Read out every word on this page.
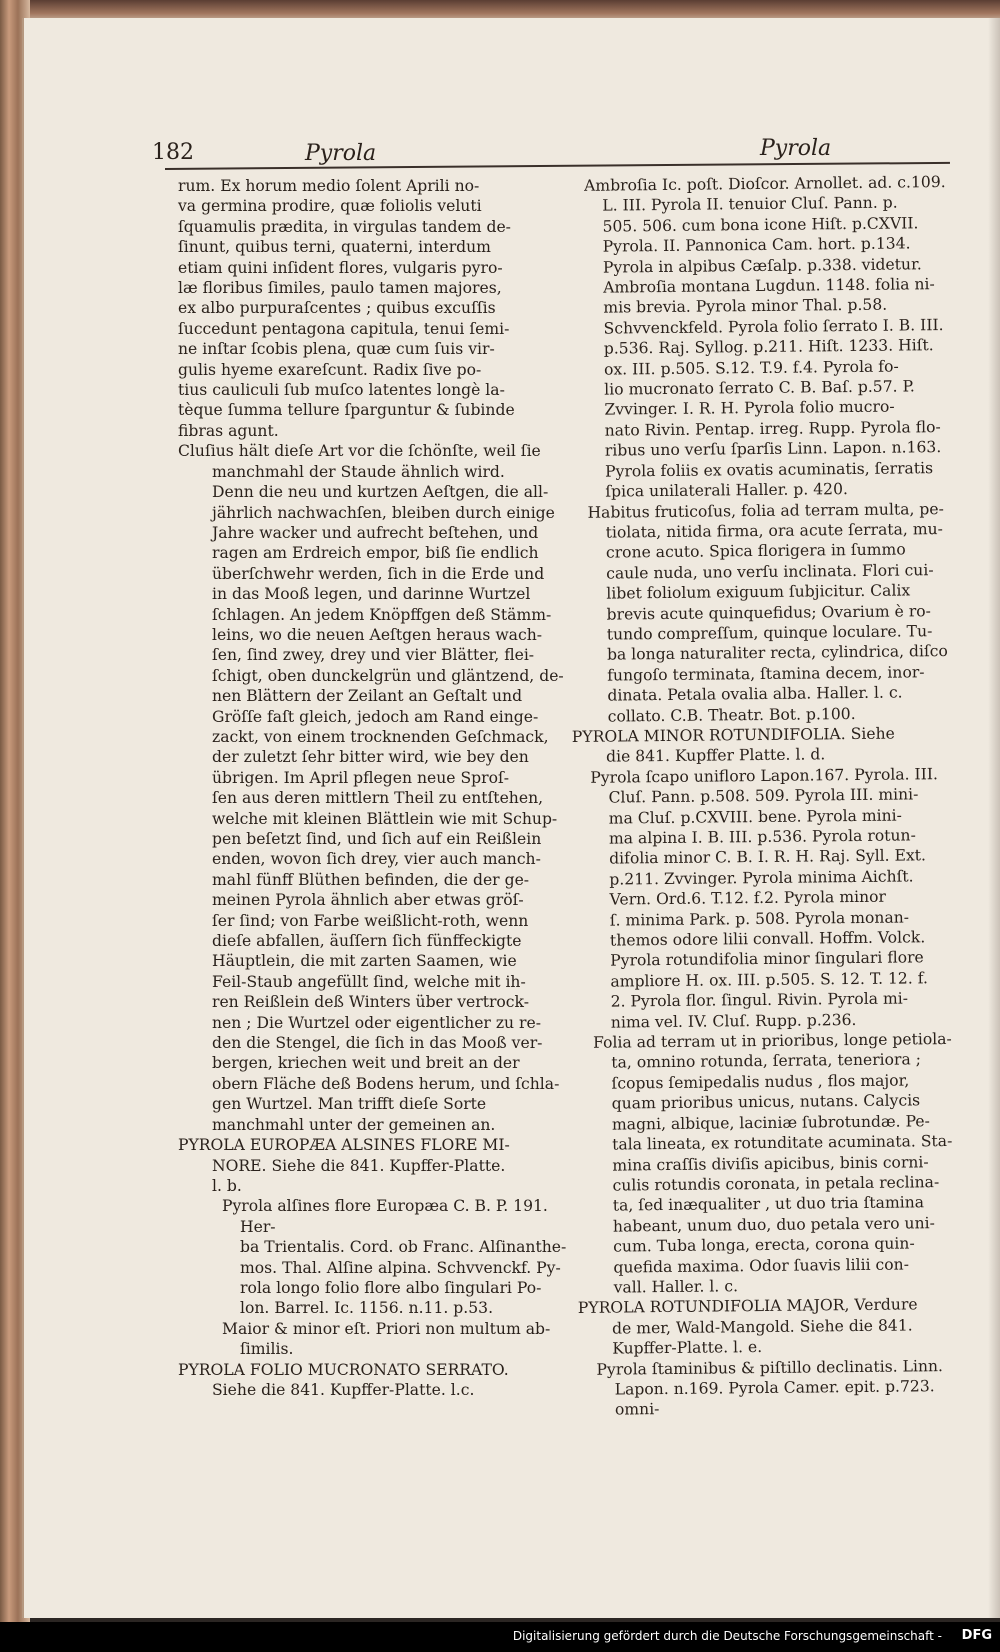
182	Pyrola	Pyrola
rum. Ex horum medio ſolent Aprili no-
va germina prodire, quæ foliolis veluti
ſquamulis prædita, in virgulas tandem de-
ſinunt, quibus terni, quaterni, interdum
etiam quini inſident flores, vulgaris pyro-
læ floribus ſimiles, paulo tamen majores,
ex albo purpuraſcentes ; quibus excuſſis
ſuccedunt pentagona capitula, tenui ſemi-
ne inſtar ſcobis plena, quæ cum ſuis vir-
gulis hyeme exareſcunt. Radix ſive po-
tius cauliculi ſub muſco latentes longè la-
tèque ſumma tellure ſparguntur & ſubinde
fibras agunt.
Cluſius hält dieſe Art vor die ſchönſte, weil ſie
manchmahl der Staude ähnlich wird.
Denn die neu und kurtzen Aeſtgen, die all-
jährlich nachwachſen, bleiben durch einige
Jahre wacker und aufrecht beſtehen, und
ragen am Erdreich empor, biß ſie endlich
überſchwehr werden, ſich in die Erde und
in das Mooß legen, und darinne Wurtzel
ſchlagen. An jedem Knöpffgen deß Stämm-
leins, wo die neuen Aeſtgen heraus wach-
ſen, ſind zwey, drey und vier Blätter, flei-
ſchigt, oben dunckelgrün und gläntzend, de-
nen Blättern der Zeilant an Geſtalt und
Gröſſe faſt gleich, jedoch am Rand einge-
zackt, von einem trocknenden Geſchmack,
der zuletzt ſehr bitter wird, wie bey den
übrigen. Im April pflegen neue Sproſ-
ſen aus deren mittlern Theil zu entſtehen,
welche mit kleinen Blättlein wie mit Schup-
pen beſetzt ſind, und ſich auf ein Reißlein
enden, wovon ſich drey, vier auch manch-
mahl fünff Blüthen befinden, die der ge-
meinen Pyrola ähnlich aber etwas gröſ-
ſer ſind; von Farbe weißlicht-roth, wenn
dieſe abfallen, äuſſern ſich fünffeckigte
Häuptlein, die mit zarten Saamen, wie
Feil-Staub angefüllt ſind, welche mit ih-
ren Reißlein deß Winters über vertrock-
nen ; Die Wurtzel oder eigentlicher zu re-
den die Stengel, die ſich in das Mooß ver-
bergen, kriechen weit und breit an der
obern Fläche deß Bodens herum, und ſchla-
gen Wurtzel. Man trifft dieſe Sorte
manchmahl unter der gemeinen an.
PYROLA EUROPÆA ALSINES FLORE MI-
NORE. Siehe die 841. Kupffer-Platte.
l. b.
Pyrola alſines flore Europæa C. B. P. 191. Her-
ba Trientalis. Cord. ob Franc. Alſinanthe-
mos. Thal. Alſine alpina. Schvvenckf. Py-
rola longo folio flore albo ſingulari Po-
lon. Barrel. Ic. 1156. n.11. p.53.
Maior & minor eſt. Priori non multum ab-
ſimilis.
PYROLA FOLIO MUCRONATO SERRATO.
Siehe die 841. Kupffer-Platte. l.c.
Ambroſia Ic. poſt. Dioſcor. Arnollet. ad. c.109.
L. III. Pyrola II. tenuior Cluſ. Pann. p.
505. 506. cum bona icone Hiſt. p.CXVII.
Pyrola. II. Pannonica Cam. hort. p.134.
Pyrola in alpibus Cæſalp. p.338. videtur.
Ambroſia montana Lugdun. 1148. folia ni-
mis brevia. Pyrola minor Thal. p.58.
Schvvenckfeld. Pyrola folio ſerrato I. B. III.
p.536. Raj. Syllog. p.211. Hiſt. 1233. Hiſt.
ox. III. p.505. S.12. T.9. f.4. Pyrola fo-
lio mucronato ſerrato C. B. Baſ. p.57. P.
Zvvinger. I. R. H. Pyrola folio mucro-
nato Rivin. Pentap. irreg. Rupp. Pyrola flo-
ribus uno verſu ſparſis Linn. Lapon. n.163.
Pyrola foliis ex ovatis acuminatis, ſerratis
ſpica unilaterali Haller. p. 420.
Habitus fruticoſus, folia ad terram multa, pe-
tiolata, nitida firma, ora acute ſerrata, mu-
crone acuto. Spica florigera in ſummo
caule nuda, uno verſu inclinata. Flori cui-
libet foliolum exiguum ſubjicitur. Calix
brevis acute quinquefidus; Ovarium è ro-
tundo compreſſum, quinque loculare. Tu-
ba longa naturaliter recta, cylindrica, diſco
fungoſo terminata, ſtamina decem, inor-
dinata. Petala ovalia alba. Haller. l. c.
collato. C.B. Theatr. Bot. p.100.
PYROLA MINOR ROTUNDIFOLIA. Siehe
die 841. Kupffer Platte. l. d.
Pyrola ſcapo unifloro Lapon.167. Pyrola. III.
Cluſ. Pann. p.508. 509. Pyrola III. mini-
ma Cluſ. p.CXVIII. bene. Pyrola mini-
ma alpina I. B. III. p.536. Pyrola rotun-
difolia minor C. B. I. R. H. Raj. Syll. Ext.
p.211. Zvvinger. Pyrola minima Aichſt.
Vern. Ord.6. T.12. f.2. Pyrola minor
ſ. minima Park. p. 508. Pyrola monan-
themos odore lilii convall. Hoffm. Volck.
Pyrola rotundifolia minor ſingulari flore
ampliore H. ox. III. p.505. S. 12. T. 12. f.
2. Pyrola flor. ſingul. Rivin. Pyrola mi-
nima vel. IV. Cluſ. Rupp. p.236.
Folia ad terram ut in prioribus, longe petiola-
ta, omnino rotunda, ſerrata, teneriora ;
ſcopus ſemipedalis nudus , flos major,
quam prioribus unicus, nutans. Calycis
magni, albique, laciniæ ſubrotundæ. Pe-
tala lineata, ex rotunditate acuminata. Sta-
mina craſſis diviſis apicibus, binis corni-
culis rotundis coronata, in petala reclina-
ta, ſed inæqualiter , ut duo tria ſtamina
habeant, unum duo, duo petala vero uni-
cum. Tuba longa, erecta, corona quin-
quefida maxima. Odor ſuavis lilii con-
vall. Haller. l. c.
PYROLA ROTUNDIFOLIA MAJOR, Verdure
de mer, Wald-Mangold. Siehe die 841.
Kupffer-Platte. l. e.
Pyrola ſtaminibus & piſtillo declinatis. Linn.
Lapon. n.169. Pyrola Camer. epit. p.723.
omni-
Digitalisierung gefördert durch die Deutsche Forschungsgemeinschaft - DFG
